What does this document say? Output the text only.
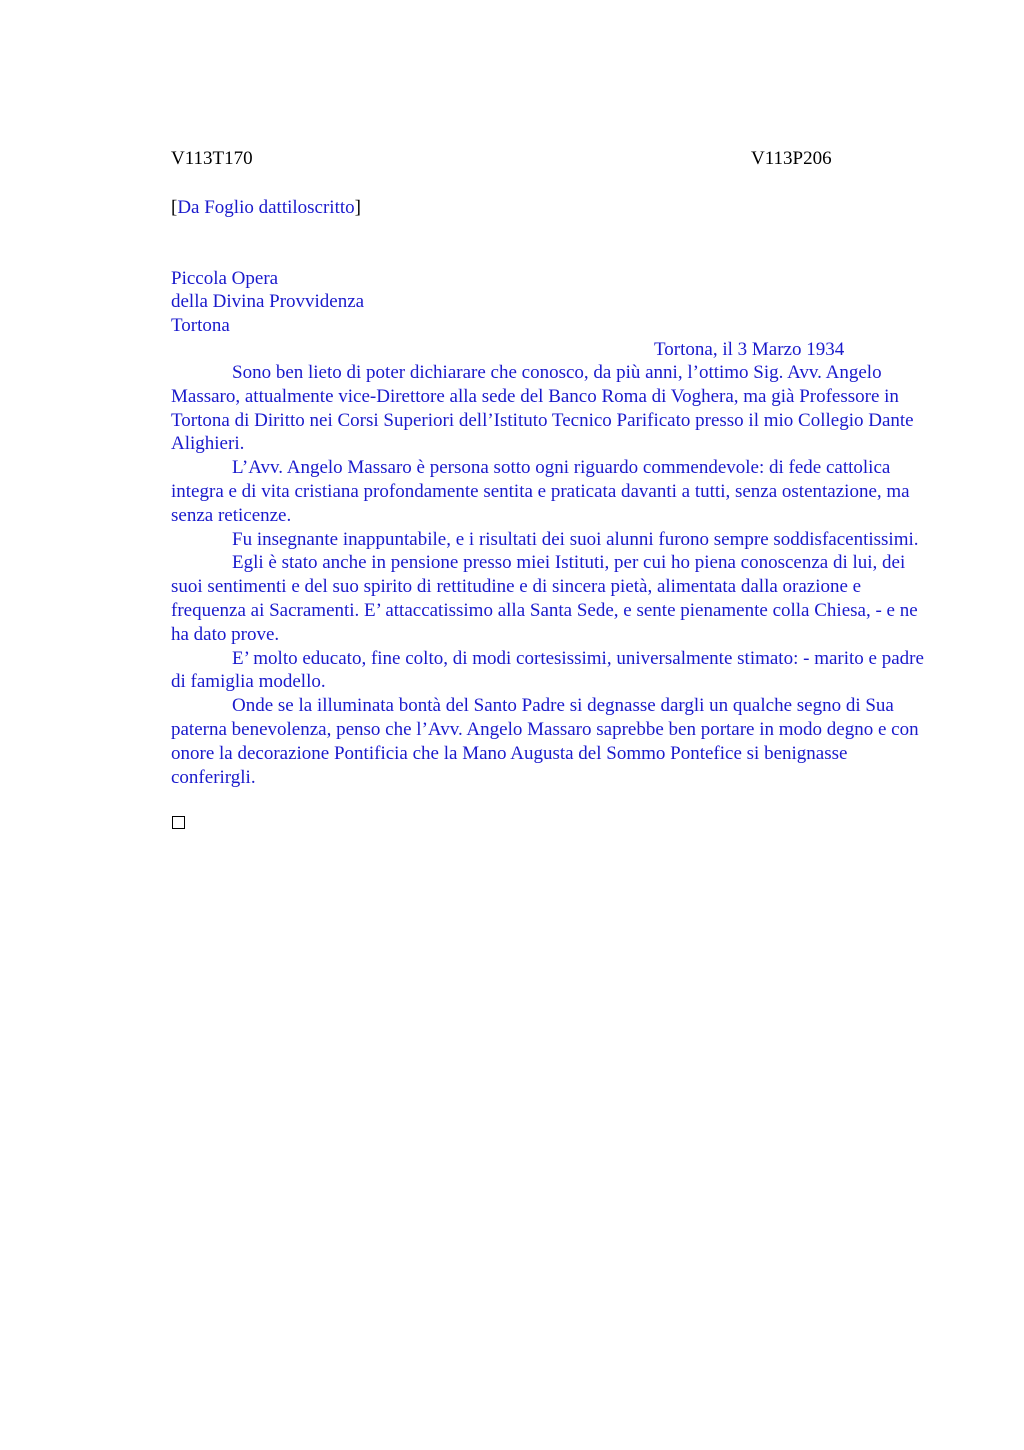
V113T170	V113P206
[Da Foglio dattiloscritto]
Piccola Opera
della Divina Provvidenza
Tortona
Tortona, il 3 Marzo 1934

Sono ben lieto di poter dichiarare che conosco, da più anni, l’ottimo Sig. Avv. Angelo Massaro, attualmente vice-Direttore alla sede del Banco Roma di Voghera, ma già Professore in Tortona di Diritto nei Corsi Superiori dell’Istituto Tecnico Parificato presso il mio Collegio Dante Alighieri.

L’Avv. Angelo Massaro è persona sotto ogni riguardo commendevole: di fede cattolica integra e di vita cristiana profondamente sentita e praticata davanti a tutti, senza ostentazione, ma senza reticenze.

Fu insegnante inappuntabile, e i risultati dei suoi alunni furono sempre soddisfacentissimi.

Egli è stato anche in pensione presso miei Istituti, per cui ho piena conoscenza di lui, dei suoi sentimenti e del suo spirito di rettitudine e di sincera pietà, alimentata dalla orazione e frequenza ai Sacramenti. E’ attaccatissimo alla Santa Sede, e sente pienamente colla Chiesa, - e ne ha dato prove.

E’ molto educato, fine colto, di modi cortesissimi, universalmente stimato: - marito e padre di famiglia modello.

Onde se la illuminata bontà del Santo Padre si degnasse dargli un qualche segno di Sua paterna benevolenza, penso che l’Avv. Angelo Massaro saprebbe ben portare in modo degno e con onore la decorazione Pontificia che la Mano Augusta del Sommo Pontefice si benignasse conferirgli.
